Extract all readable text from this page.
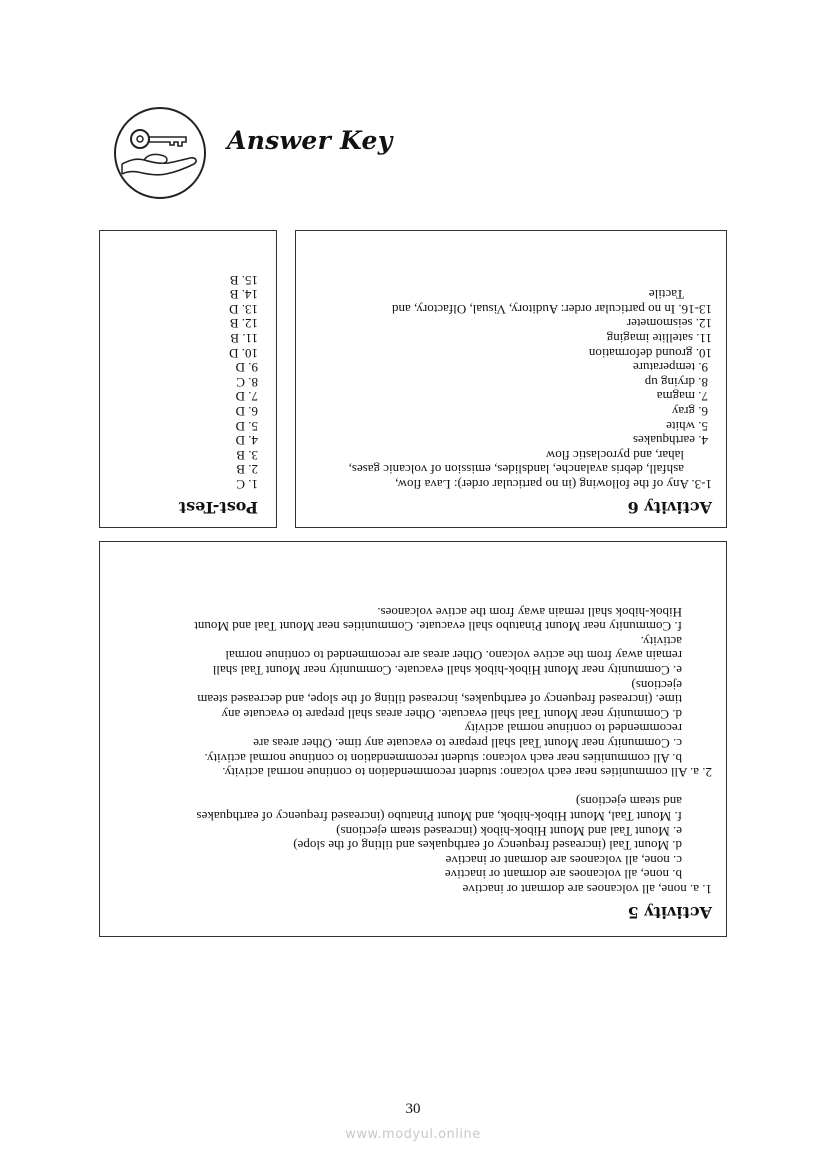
Answer Key
Post-Test
1. C
2. B
3. B
4. D
5. D
6. D
7. D
8. C
9. D
10. D
11. B
12. B
13. D
14. B
15. B
Activity 6
1-3. Any of the following (in no particular order): Lava flow,
ashfall, debris avalanche, landslides, emission of volcanic gases,
lahar, and pyroclastic flow
4. earthquakes
5. white
6. gray
7. magma
8. drying up
9. temperature
10. ground deformation
11. satellite imaging
12. seismometer
13-16. In no particular order: Auditory, Visual, Olfactory, and
Tactile
Activity 5
1. a. none, all volcanoes are dormant or inactive
b. none, all volcanoes are dormant or inactive
c. none, all volcanoes are dormant or inactive
d. Mount Taal (increased frequency of earthquakes and tilting of the slope)
e. Mount Taal and Mount Hibok-hibok (increased steam ejections)
f. Mount Taal, Mount Hibok-hibok, and Mount Pinatubo (increased frequency of earthquakes
and steam ejections)
2. a. All communities near each volcano: student recommendation to continue normal activity.
b. All communities near each volcano: student recommendation to continue normal activity.
c. Community near Mount Taal shall prepare to evacuate any time. Other areas are
recommended to continue normal activity
d. Community near Mount Taal shall evacuate. Other areas shall prepare to evacuate any
time. (increased frequency of earthquakes, increased tilting of the slope, and decreased steam
ejections)
e. Community near Mount Hibok-hibok shall evacuate. Community near Mount Taal shall
remain away from the active volcano. Other areas are recommended to continue normal
activity.
f. Community near Mount Pinatubo shall evacuate. Communities near Mount Taal and Mount
Hibok-hibok shall remain away from the active volcanoes.
30
www.modyul.online
